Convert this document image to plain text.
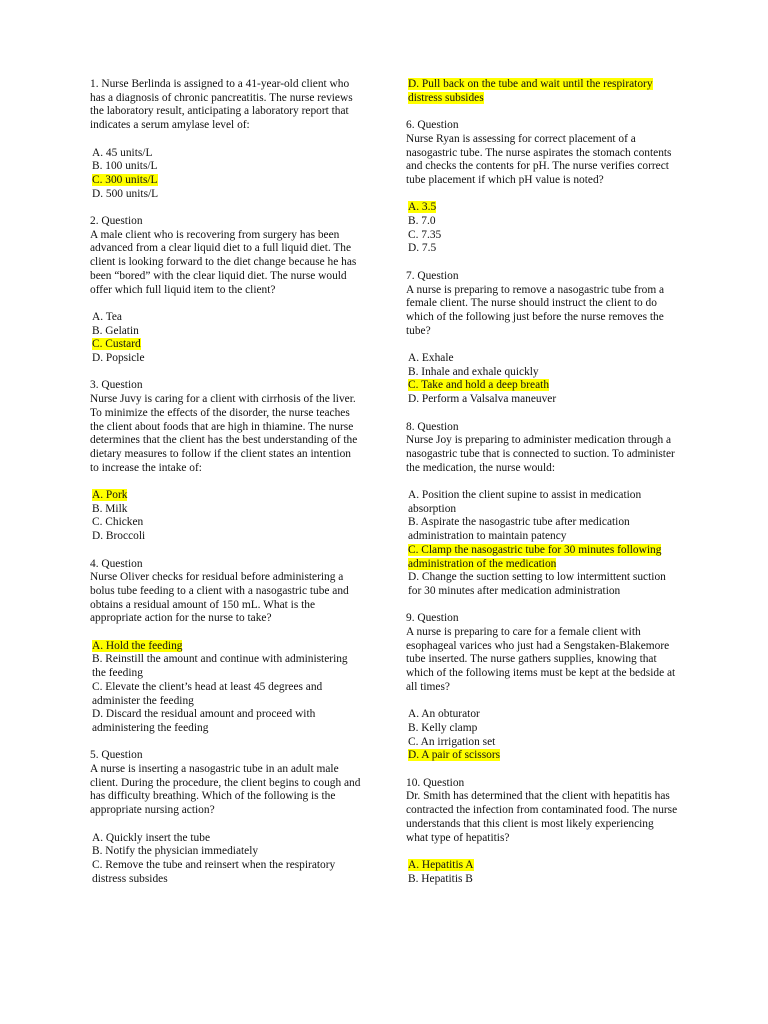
1. Nurse Berlinda is assigned to a 41-year-old client who has a diagnosis of chronic pancreatitis. The nurse reviews the laboratory result, anticipating a laboratory report that indicates a serum amylase level of:
A. 45 units/L
B. 100 units/L
C. 300 units/L
D. 500 units/L
2. Question
A male client who is recovering from surgery has been advanced from a clear liquid diet to a full liquid diet. The client is looking forward to the diet change because he has been “bored” with the clear liquid diet. The nurse would offer which full liquid item to the client?
A. Tea
B. Gelatin
C. Custard
D. Popsicle
3. Question
Nurse Juvy is caring for a client with cirrhosis of the liver. To minimize the effects of the disorder, the nurse teaches the client about foods that are high in thiamine. The nurse determines that the client has the best understanding of the dietary measures to follow if the client states an intention to increase the intake of:
A. Pork
B. Milk
C. Chicken
D. Broccoli
4. Question
Nurse Oliver checks for residual before administering a bolus tube feeding to a client with a nasogastric tube and obtains a residual amount of 150 mL. What is the appropriate action for the nurse to take?
A. Hold the feeding
B. Reinstill the amount and continue with administering the feeding
C. Elevate the client’s head at least 45 degrees and administer the feeding
D. Discard the residual amount and proceed with administering the feeding
5. Question
A nurse is inserting a nasogastric tube in an adult male client. During the procedure, the client begins to cough and has difficulty breathing. Which of the following is the appropriate nursing action?
A. Quickly insert the tube
B. Notify the physician immediately
C. Remove the tube and reinsert when the respiratory distress subsides
D. Pull back on the tube and wait until the respiratory distress subsides
6. Question
Nurse Ryan is assessing for correct placement of a nasogastric tube. The nurse aspirates the stomach contents and checks the contents for pH. The nurse verifies correct tube placement if which pH value is noted?
A. 3.5
B. 7.0
C. 7.35
D. 7.5
7. Question
A nurse is preparing to remove a nasogastric tube from a female client. The nurse should instruct the client to do which of the following just before the nurse removes the tube?
A. Exhale
B. Inhale and exhale quickly
C. Take and hold a deep breath
D. Perform a Valsalva maneuver
8. Question
Nurse Joy is preparing to administer medication through a nasogastric tube that is connected to suction. To administer the medication, the nurse would:
A. Position the client supine to assist in medication absorption
B. Aspirate the nasogastric tube after medication administration to maintain patency
C. Clamp the nasogastric tube for 30 minutes following administration of the medication
D. Change the suction setting to low intermittent suction for 30 minutes after medication administration
9. Question
A nurse is preparing to care for a female client with esophageal varices who just had a Sengstaken-Blakemore tube inserted. The nurse gathers supplies, knowing that which of the following items must be kept at the bedside at all times?
A. An obturator
B. Kelly clamp
C. An irrigation set
D. A pair of scissors
10. Question
Dr. Smith has determined that the client with hepatitis has contracted the infection from contaminated food. The nurse understands that this client is most likely experiencing what type of hepatitis?
A. Hepatitis A
B. Hepatitis B
